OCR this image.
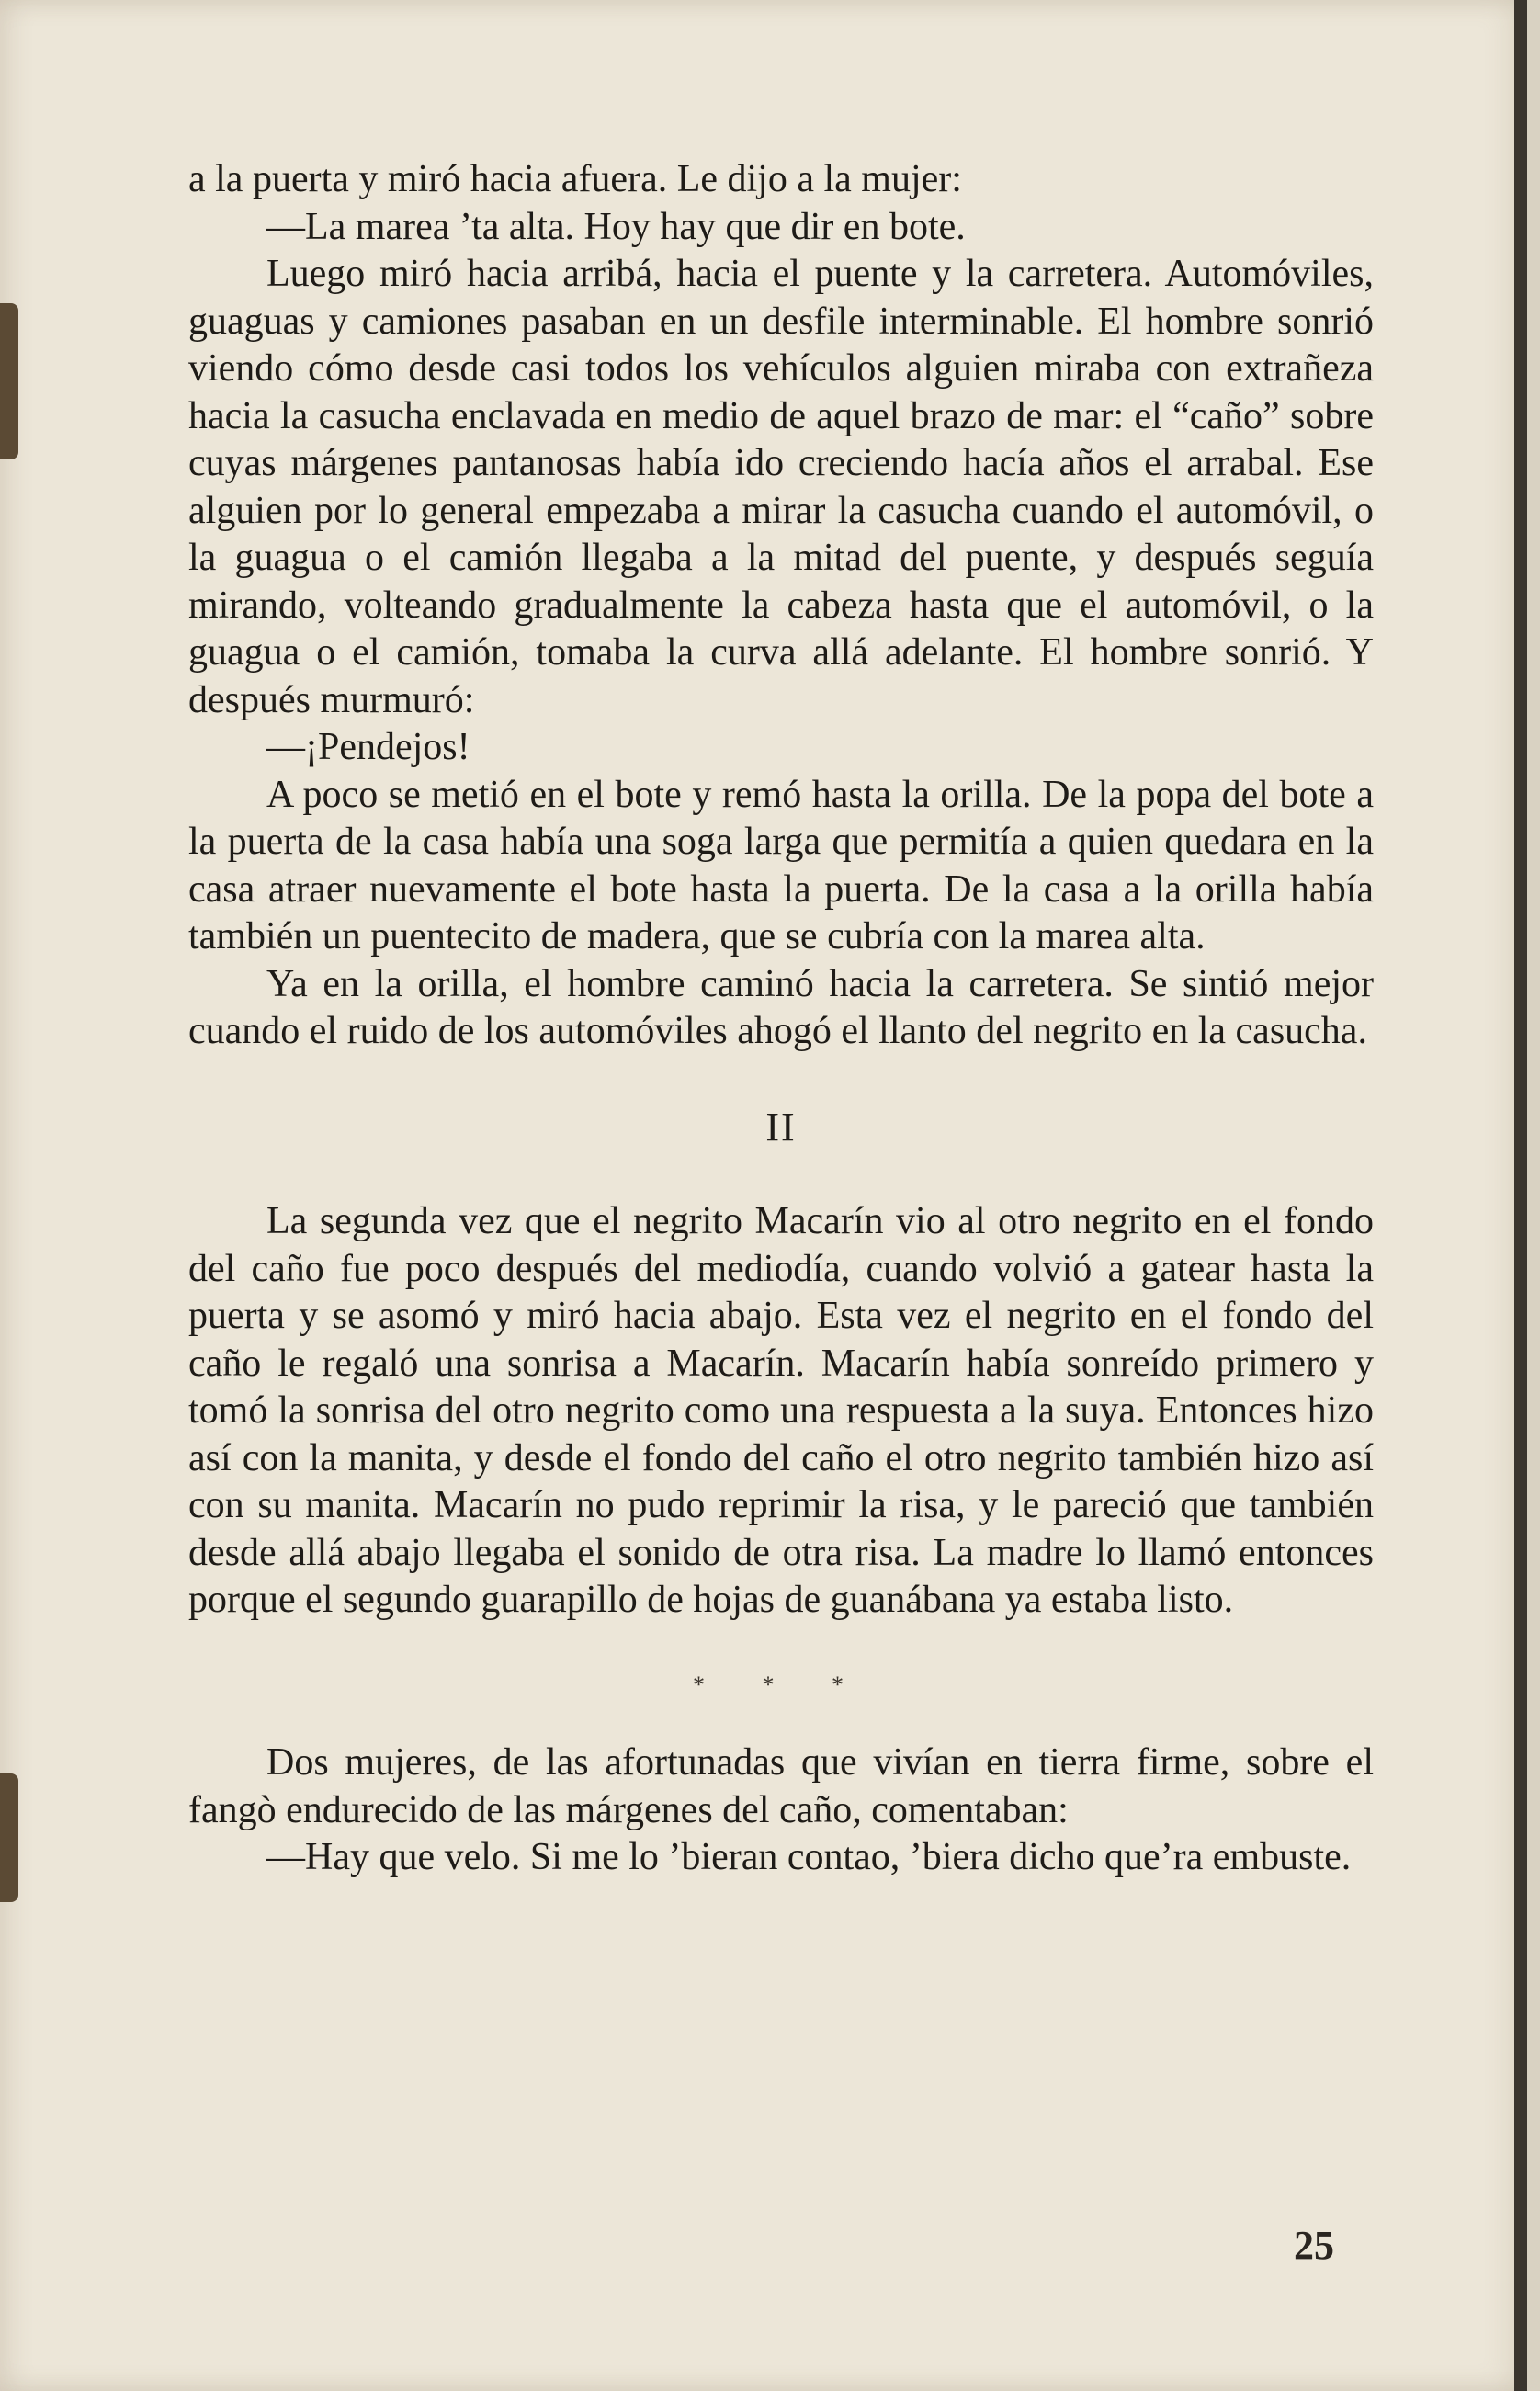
a la puerta y miró hacia afuera. Le dijo a la mujer:

—La marea ’ta alta. Hoy hay que dir en bote.

Luego miró hacia arribá, hacia el puente y la carretera. Automóviles, guaguas y camiones pasaban en un desfile interminable. El hombre sonrió viendo cómo desde casi todos los vehículos alguien miraba con extrañeza hacia la casucha enclavada en medio de aquel brazo de mar: el “caño” sobre cuyas márgenes pantanosas había ido creciendo hacía años el arrabal. Ese alguien por lo general empezaba a mirar la casucha cuando el automóvil, o la guagua o el camión llegaba a la mitad del puente, y después seguía mirando, volteando gradualmente la cabeza hasta que el automóvil, o la guagua o el camión, tomaba la curva allá adelante. El hombre sonrió. Y después murmuró:

—¡Pendejos!

A poco se metió en el bote y remó hasta la orilla. De la popa del bote a la puerta de la casa había una soga larga que permitía a quien quedara en la casa atraer nuevamente el bote hasta la puerta. De la casa a la orilla había también un puentecito de madera, que se cubría con la marea alta.

Ya en la orilla, el hombre caminó hacia la carretera. Se sintió mejor cuando el ruido de los automóviles ahogó el llanto del negrito en la casucha.

II

La segunda vez que el negrito Macarín vio al otro negrito en el fondo del caño fue poco después del mediodía, cuando volvió a gatear hasta la puerta y se asomó y miró hacia abajo. Esta vez el negrito en el fondo del caño le regaló una sonrisa a Macarín. Macarín había sonreído primero y tomó la sonrisa del otro negrito como una respuesta a la suya. Entonces hizo así con la manita, y desde el fondo del caño el otro negrito también hizo así con su manita. Macarín no pudo reprimir la risa, y le pareció que también desde allá abajo llegaba el sonido de otra risa. La madre lo llamó entonces porque el segundo guarapillo de hojas de guanábana ya estaba listo.

* * *

Dos mujeres, de las afortunadas que vivían en tierra firme, sobre el fangò endurecido de las márgenes del caño, comentaban:

—Hay que velo. Si me lo ’bieran contao, ’biera dicho que’ra embuste.

25
